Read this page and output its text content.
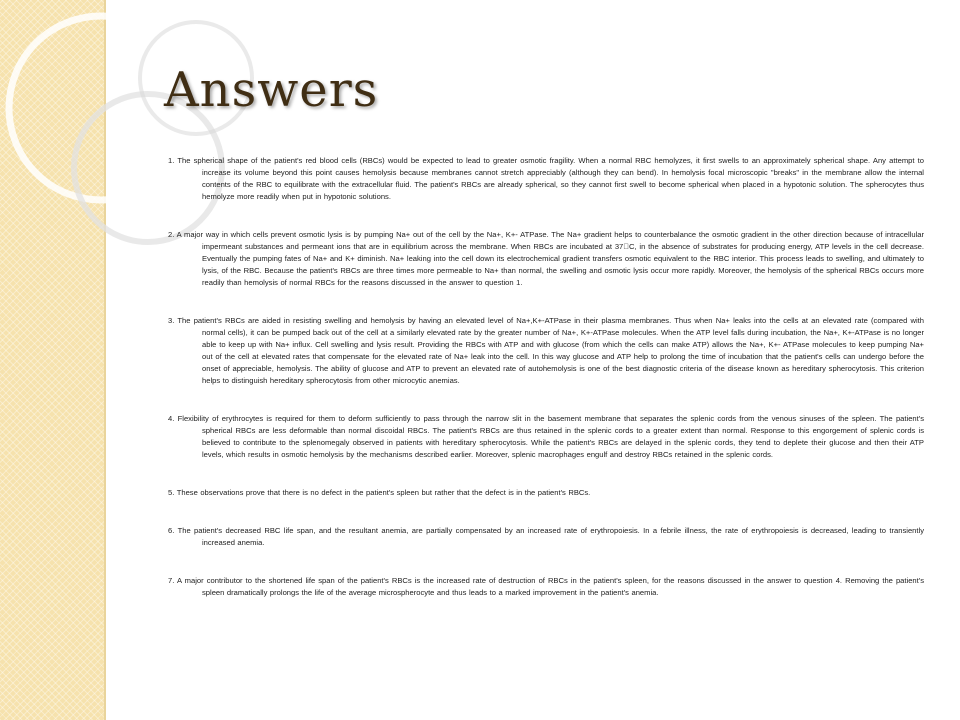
Answers
1. The spherical shape of the patient's red blood cells (RBCs) would be expected to lead to greater osmotic fragility. When a normal RBC hemolyzes, it first swells to an approximately spherical shape. Any attempt to increase its volume beyond this point causes hemolysis because membranes cannot stretch appreciably (although they can bend). In hemolysis focal microscopic "breaks" in the membrane allow the internal contents of the RBC to equilibrate with the extracellular fluid. The patient's RBCs are already spherical, so they cannot first swell to become spherical when placed in a hypotonic solution. The spherocytes thus hemolyze more readily when put in hypotonic solutions.
2. A major way in which cells prevent osmotic lysis is by pumping Na+ out of the cell by the Na+, K+- ATPase. The Na+ gradient helps to counterbalance the osmotic gradient in the other direction because of intracellular impermeant substances and permeant ions that are in equilibrium across the membrane. When RBCs are incubated at 37 C, in the absence of substrates for producing energy, ATP levels in the cell decrease. Eventually the pumping fates of Na+ and K+ diminish. Na+ leaking into the cell down its electrochemical gradient transfers osmotic equivalent to the RBC interior. This process leads to swelling, and ultimately to lysis, of the RBC. Because the patient's RBCs are three times more permeable to Na+ than normal, the swelling and osmotic lysis occur more rapidly. Moreover, the hemolysis of the spherical RBCs occurs more readily than hemolysis of normal RBCs for the reasons discussed in the answer to question 1.
3. The patient's RBCs are aided in resisting swelling and hemolysis by having an elevated level of Na+,K+-ATPase in their plasma membranes. Thus when Na+ leaks into the cells at an elevated rate (compared with normal cells), it can be pumped back out of the cell at a similarly elevated rate by the greater number of Na+, K+-ATPase molecules. When the ATP level falls during incubation, the Na+, K+-ATPase is no longer able to keep up with Na+ influx. Cell swelling and lysis result. Providing the RBCs with ATP and with glucose (from which the cells can make ATP) allows the Na+, K+- ATPase molecules to keep pumping Na+ out of the cell at elevated rates that compensate for the elevated rate of Na+ leak into the cell. In this way glucose and ATP help to prolong the time of incubation that the patient's cells can undergo before the onset of appreciable, hemolysis. The ability of glucose and ATP to prevent an elevated rate of autohemolysis is one of the best diagnostic criteria of the disease known as hereditary spherocytosis. This criterion helps to distinguish hereditary spherocytosis from other microcytic anemias.
4. Flexibility of erythrocytes is required for them to deform sufficiently to pass through the narrow slit in the basement membrane that separates the splenic cords from the venous sinuses of the spleen. The patient's spherical RBCs are less deformable than normal discoidal RBCs. The patient's RBCs are thus retained in the splenic cords to a greater extent than normal. Response to this engorgement of splenic cords is believed to contribute to the splenomegaly observed in patients with hereditary spherocytosis. While the patient's RBCs are delayed in the splenic cords, they tend to deplete their glucose and then their ATP levels, which results in osmotic hemolysis by the mechanisms described earlier. Moreover, splenic macrophages engulf and destroy RBCs retained in the splenic cords.
5. These observations prove that there is no defect in the patient's spleen but rather that the defect is in the patient's RBCs.
6. The patient's decreased RBC life span, and the resultant anemia, are partially compensated by an increased rate of erythropoiesis. In a febrile illness, the rate of erythropoiesis is decreased, leading to transiently increased anemia.
7. A major contributor to the shortened life span of the patient's RBCs is the increased rate of destruction of RBCs in the patient's spleen, for the reasons discussed in the answer to question 4. Removing the patient's spleen dramatically prolongs the life of the average microspherocyte and thus leads to a marked improvement in the patient's anemia.
